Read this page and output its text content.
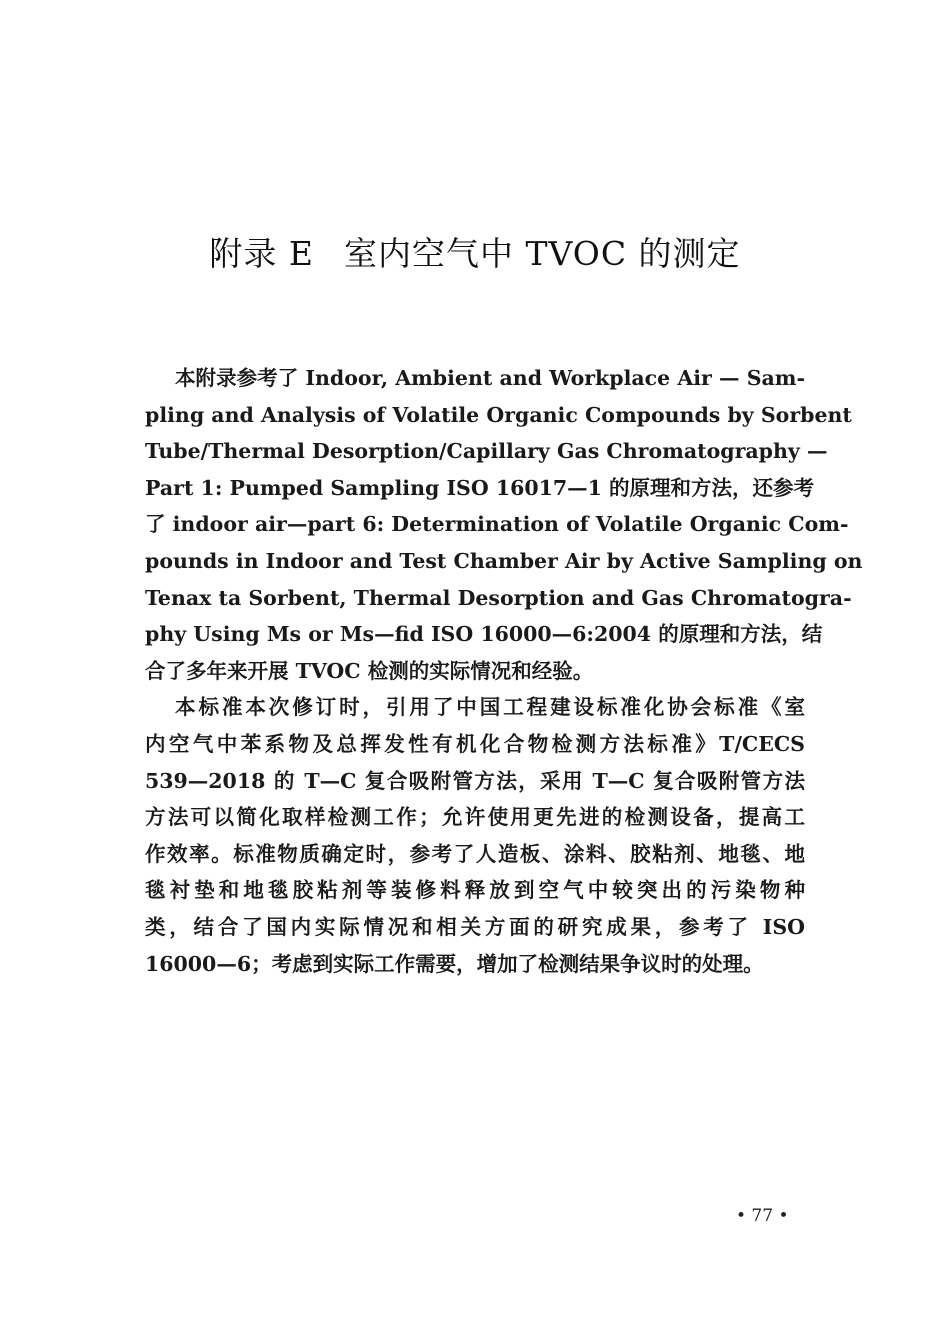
附录 E 室内空气中 TVOC 的测定
本附录参考了 Indoor, Ambient and Workplace Air — Sam-
pling and Analysis of Volatile Organic Compounds by Sorbent
Tube/Thermal Desorption/Capillary Gas Chromatography —
Part 1: Pumped Sampling ISO 16017—1 的原理和方法，还参考
了 indoor air—part 6: Determination of Volatile Organic Com-
pounds in Indoor and Test Chamber Air by Active Sampling on
Tenax ta Sorbent, Thermal Desorption and Gas Chromatogra-
phy Using Ms or Ms—fid ISO 16000—6:2004 的原理和方法，结
合了多年来开展 TVOC 检测的实际情况和经验。
本标准本次修订时，引用了中国工程建设标准化协会标准《室
内空气中苯系物及总挥发性有机化合物检测方法标准》T/CECS
539—2018 的 T—C 复合吸附管方法，采用 T—C 复合吸附管方法
方法可以简化取样检测工作；允许使用更先进的检测设备，提高工
作效率。标准物质确定时，参考了人造板、涂料、胶粘剂、地毯、地
毯衬垫和地毯胶粘剂等装修料释放到空气中较突出的污染物种
类，结合了国内实际情况和相关方面的研究成果，参考了 ISO
16000—6；考虑到实际工作需要，增加了检测结果争议时的处理。
• 77 •
